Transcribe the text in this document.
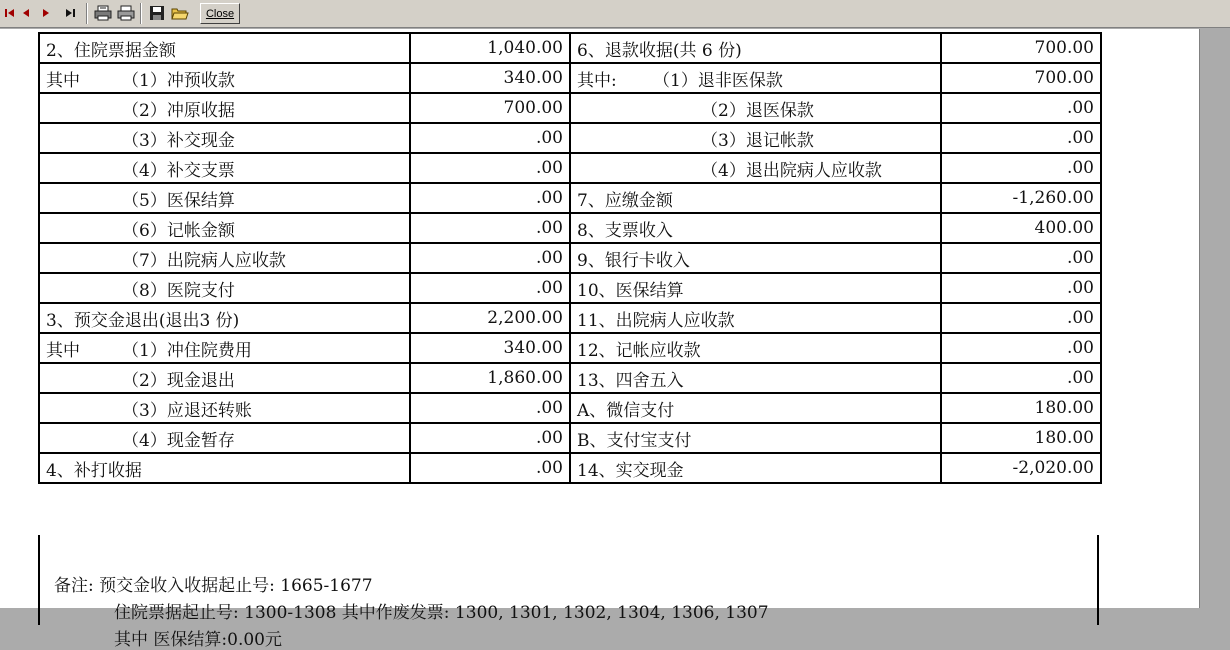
Close
2、住院票据金额	1,040.00	6、退款收据(共 6 份)	700.00
其中 （1）冲预收款	340.00	其中: （1）退非医保款	700.00
（2）冲原收据	700.00	（2）退医保款	.00
（3）补交现金	.00	（3）退记帐款	.00
（4）补交支票	.00	（4）退出院病人应收款	.00
（5）医保结算	.00	7、应缴金额	-1,260.00
（6）记帐金额	.00	8、支票收入	400.00
（7）出院病人应收款	.00	9、银行卡收入	.00
（8）医院支付	.00	10、医保结算	.00
3、预交金退出(退出3 份)	2,200.00	11、出院病人应收款	.00
其中 （1）冲住院费用	340.00	12、记帐应收款	.00
（2）现金退出	1,860.00	13、四舍五入	.00
（3）应退还转账	.00	A、微信支付	180.00
（4）现金暂存	.00	B、支付宝支付	180.00
4、补打收据	.00	14、实交现金	-2,020.00
备注: 预交金收入收据起止号: 1665-1677
住院票据起止号: 1300-1308 其中作废发票: 1300, 1301, 1302, 1304, 1306, 1307
其中 医保结算:0.00元
